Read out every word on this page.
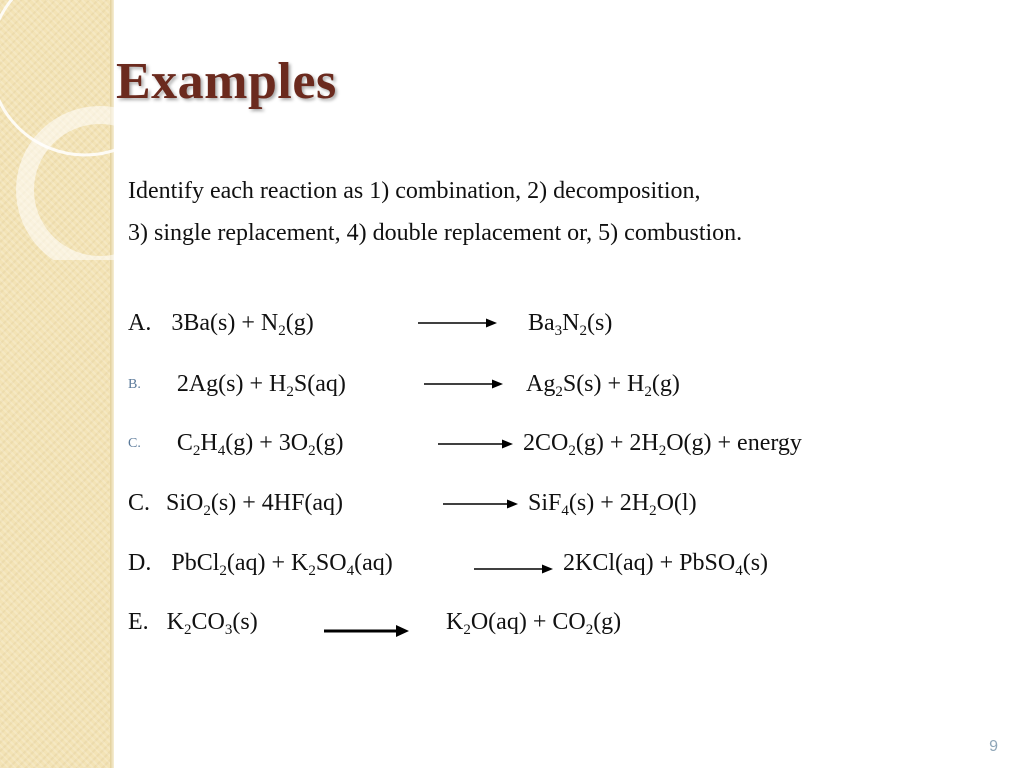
Examples
Identify each reaction as 1) combination, 2) decomposition,
3) single replacement, 4) double replacement or, 5) combustion.
A. $3Ba(s) + N_2(g)$	$Ba_3N_2(s)$
B. $2Ag(s) + H_2S(aq)$	$Ag_2S(s) + H_2(g)$
C. $C_2H_4(g) + 3O_2(g)$	$2CO_2(g) + 2H_2O(g)$ + energy
C. SiO$_2$(s) + 4HF(aq)	$SiF_4(s) + 2H_2O(l)$
D. PbCl$_2$(aq) + $K_2SO_4(aq)$	2KCl(aq) + PbSO$_4$(s)
E. $K_2CO_3(s)$	$K_2O(aq) + CO_2(g)$
9
